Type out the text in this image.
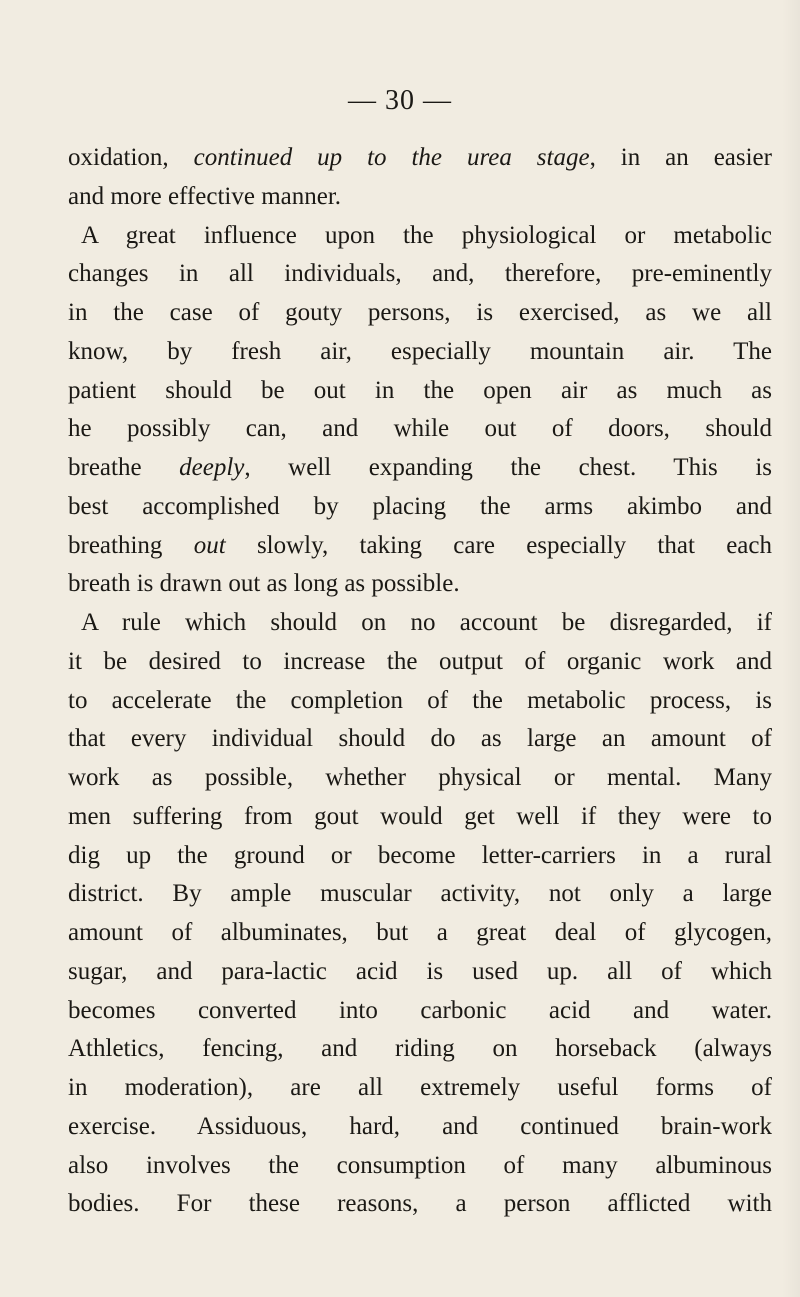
— 30 —
oxidation, continued up to the urea stage, in an easier
and more effective manner.
A great influence upon the physiological or metabolic
changes in all individuals, and, therefore, pre-eminently
in the case of gouty persons, is exercised, as we all
know, by fresh air, especially mountain air. The
patient should be out in the open air as much as
he possibly can, and while out of doors, should
breathe deeply, well expanding the chest. This is
best accomplished by placing the arms akimbo and
breathing out slowly, taking care especially that each
breath is drawn out as long as possible.
A rule which should on no account be disregarded, if
it be desired to increase the output of organic work and
to accelerate the completion of the metabolic process, is
that every individual should do as large an amount of
work as possible, whether physical or mental. Many
men suffering from gout would get well if they were to
dig up the ground or become letter-carriers in a rural
district. By ample muscular activity, not only a large
amount of albuminates, but a great deal of glycogen,
sugar, and para-lactic acid is used up. all of which
becomes converted into carbonic acid and water.
Athletics, fencing, and riding on horseback (always
in moderation), are all extremely useful forms of
exercise. Assiduous, hard, and continued brain-work
also involves the consumption of many albuminous
bodies. For these reasons, a person afflicted with
